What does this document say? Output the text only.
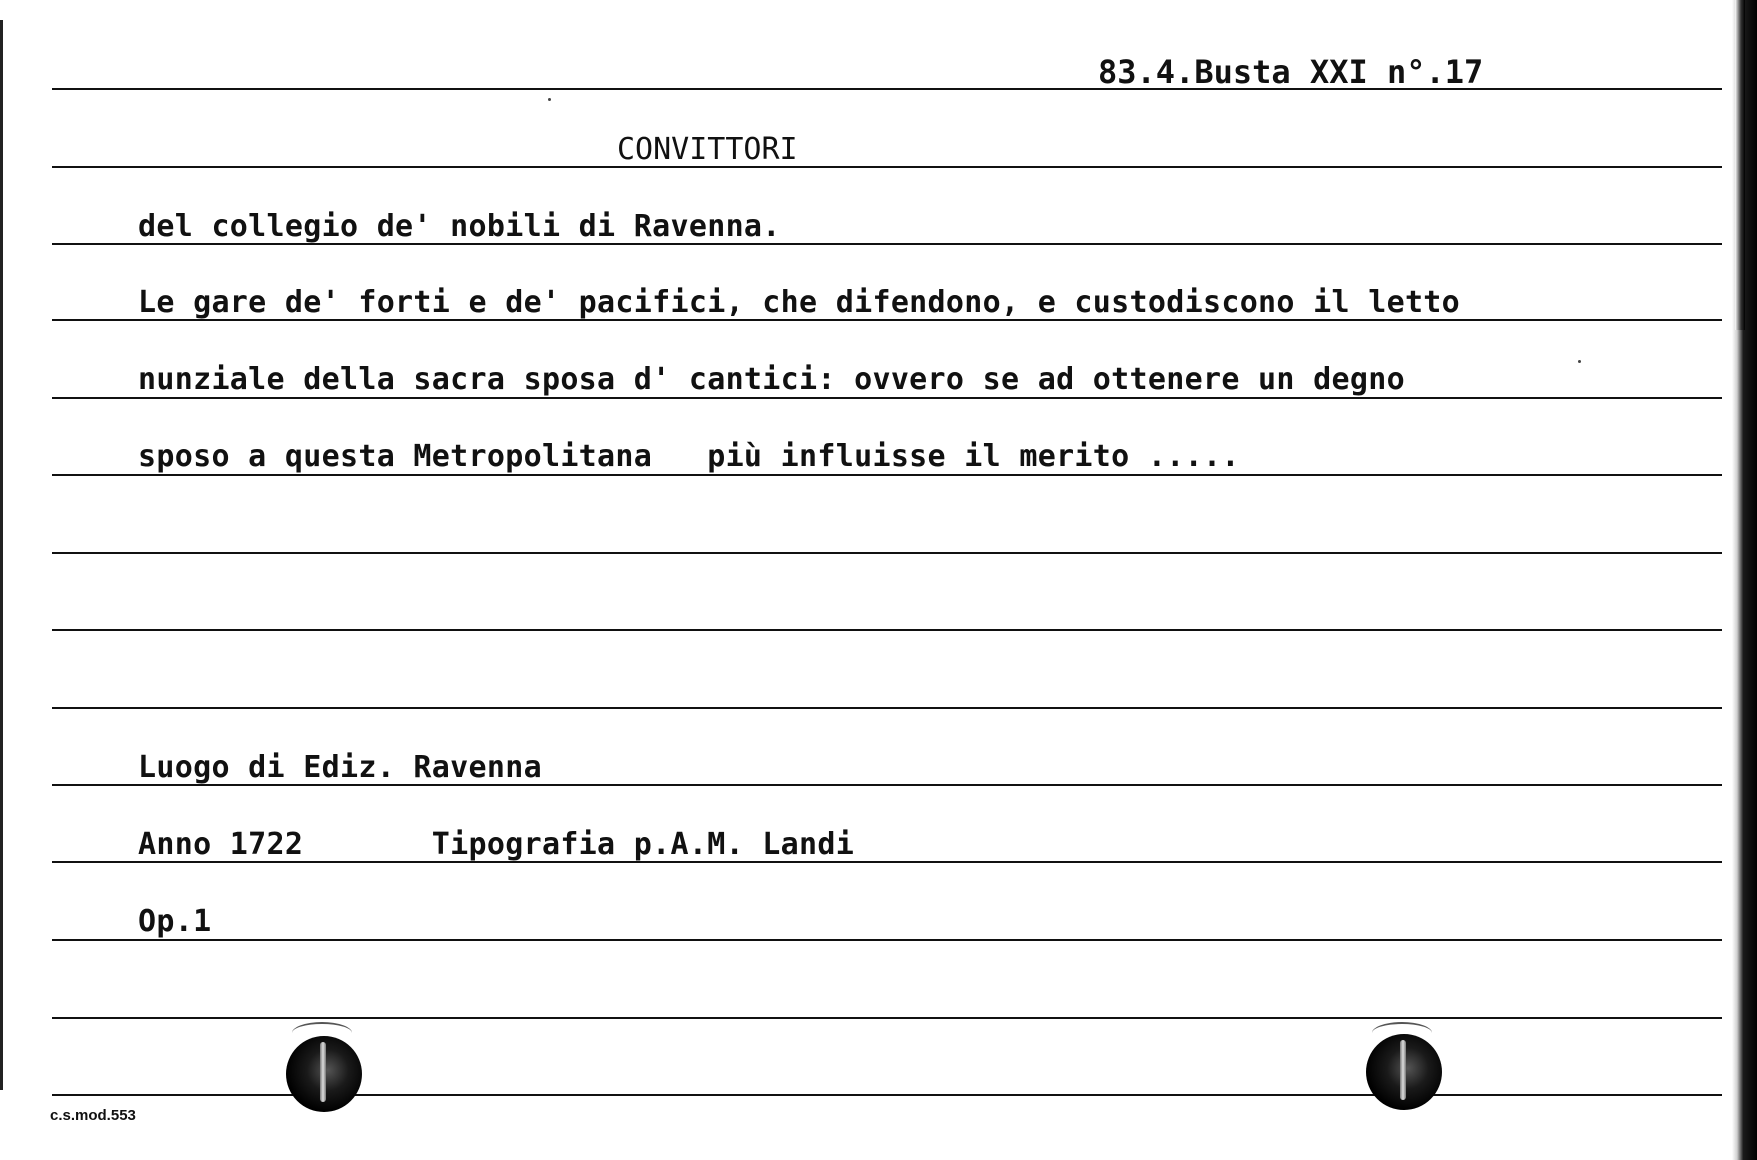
83.4.Busta XXI n°.17
CONVITTORI
del collegio de' nobili di Ravenna.
Le gare de' forti e de' pacifici, che difendono, e custodiscono il letto
nunziale della sacra sposa d' cantici: ovvero se ad ottenere un degno
sposo a questa Metropolitana   più influisse il merito .....
Luogo di Ediz. Ravenna
Anno 1722       Tipografia p.A.M. Landi
Op.1
c.s.mod.553
